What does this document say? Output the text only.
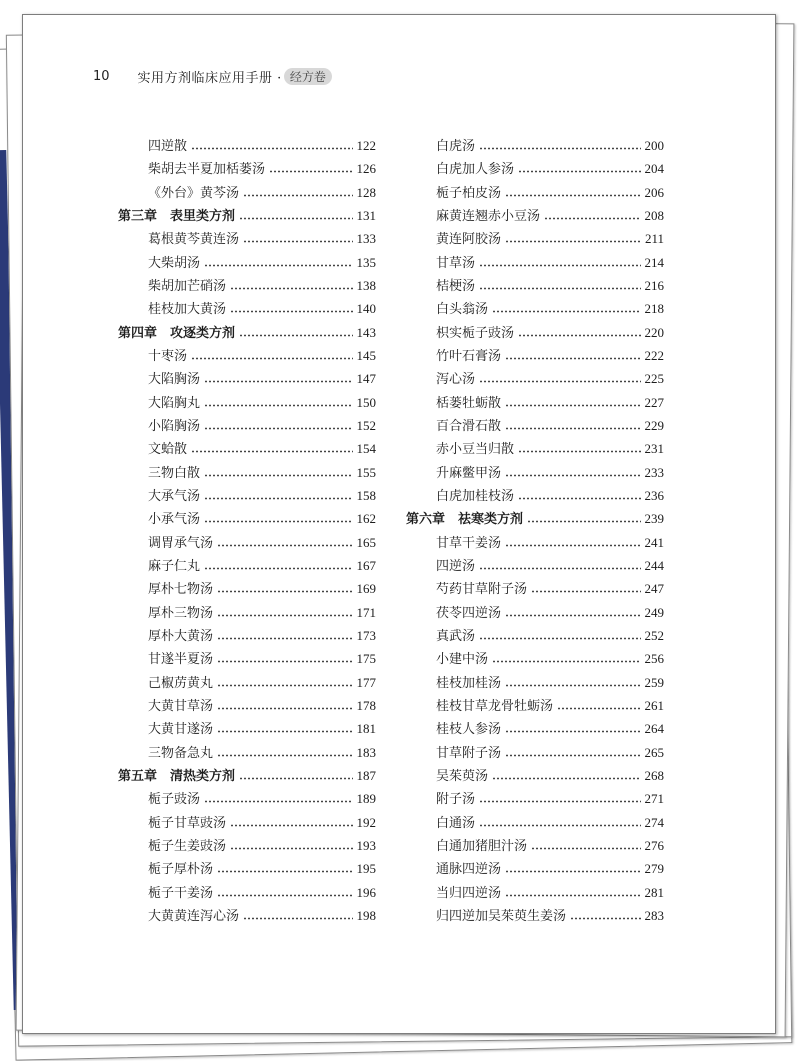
10 实用方剂临床应用手册 · 经方卷
四逆散	122
柴胡去半夏加栝蒌汤	126
《外台》黄芩汤	128
第三章　表里类方剂	131
葛根黄芩黄连汤	133
大柴胡汤	135
柴胡加芒硝汤	138
桂枝加大黄汤	140
第四章　攻逐类方剂	143
十枣汤	145
大陷胸汤	147
大陷胸丸	150
小陷胸汤	152
文蛤散	154
三物白散	155
大承气汤	158
小承气汤	162
调胃承气汤	165
麻子仁丸	167
厚朴七物汤	169
厚朴三物汤	171
厚朴大黄汤	173
甘遂半夏汤	175
己椒苈黄丸	177
大黄甘草汤	178
大黄甘遂汤	181
三物备急丸	183
第五章　清热类方剂	187
栀子豉汤	189
栀子甘草豉汤	192
栀子生姜豉汤	193
栀子厚朴汤	195
栀子干姜汤	196
大黄黄连泻心汤	198
白虎汤	200
白虎加人参汤	204
栀子柏皮汤	206
麻黄连翘赤小豆汤	208
黄连阿胶汤	211
甘草汤	214
桔梗汤	216
白头翁汤	218
枳实栀子豉汤	220
竹叶石膏汤	222
泻心汤	225
栝蒌牡蛎散	227
百合滑石散	229
赤小豆当归散	231
升麻鳖甲汤	233
白虎加桂枝汤	236
第六章　祛寒类方剂	239
甘草干姜汤	241
四逆汤	244
芍药甘草附子汤	247
茯苓四逆汤	249
真武汤	252
小建中汤	256
桂枝加桂汤	259
桂枝甘草龙骨牡蛎汤	261
桂枝人参汤	264
甘草附子汤	265
吴茱萸汤	268
附子汤	271
白通汤	274
白通加猪胆汁汤	276
通脉四逆汤	279
当归四逆汤	281
归四逆加吴茱萸生姜汤	283
